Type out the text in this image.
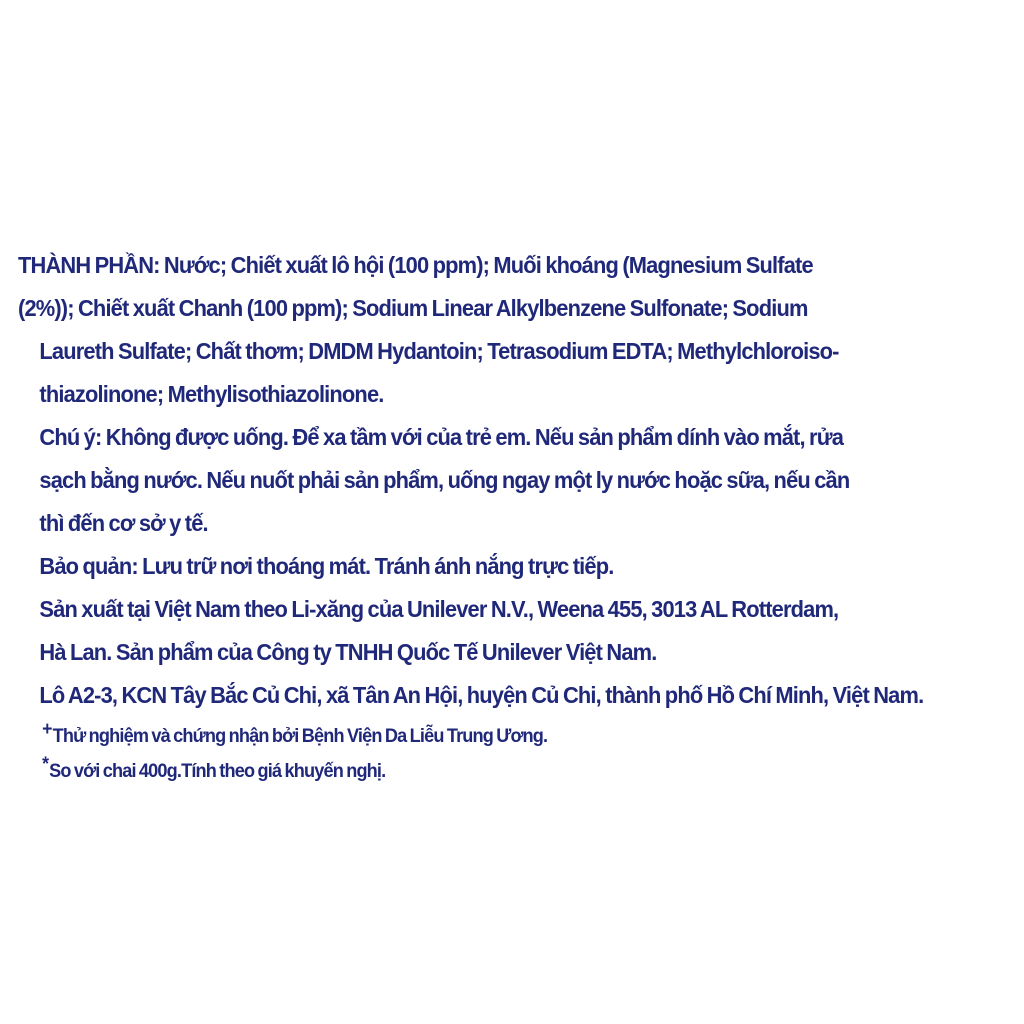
THÀNH PHẦN: Nước; Chiết xuất lô hội (100 ppm); Muối khoáng (Magnesium Sulfate
(2%)); Chiết xuất Chanh (100 ppm); Sodium Linear Alkylbenzene Sulfonate; Sodium
Laureth Sulfate; Chất thơm; DMDM Hydantoin; Tetrasodium EDTA; Methylchloroiso-
thiazolinone; Methylisothiazolinone.
Chú ý: Không được uống. Để xa tầm với của trẻ em. Nếu sản phẩm dính vào mắt, rửa
sạch bằng nước. Nếu nuốt phải sản phẩm, uống ngay một ly nước hoặc sữa, nếu cần
thì đến cơ sở y tế.
Bảo quản: Lưu trữ nơi thoáng mát. Tránh ánh nắng trực tiếp.
Sản xuất tại Việt Nam theo Li-xăng của Unilever N.V., Weena 455, 3013 AL Rotterdam,
Hà Lan. Sản phẩm của Công ty TNHH Quốc Tế Unilever Việt Nam.
Lô A2-3, KCN Tây Bắc Củ Chi, xã Tân An Hội, huyện Củ Chi, thành phố Hồ Chí Minh, Việt Nam.
+Thử nghiệm và chứng nhận bởi Bệnh Viện Da Liễu Trung Ương.
*So với chai 400g.Tính theo giá khuyến nghị.
